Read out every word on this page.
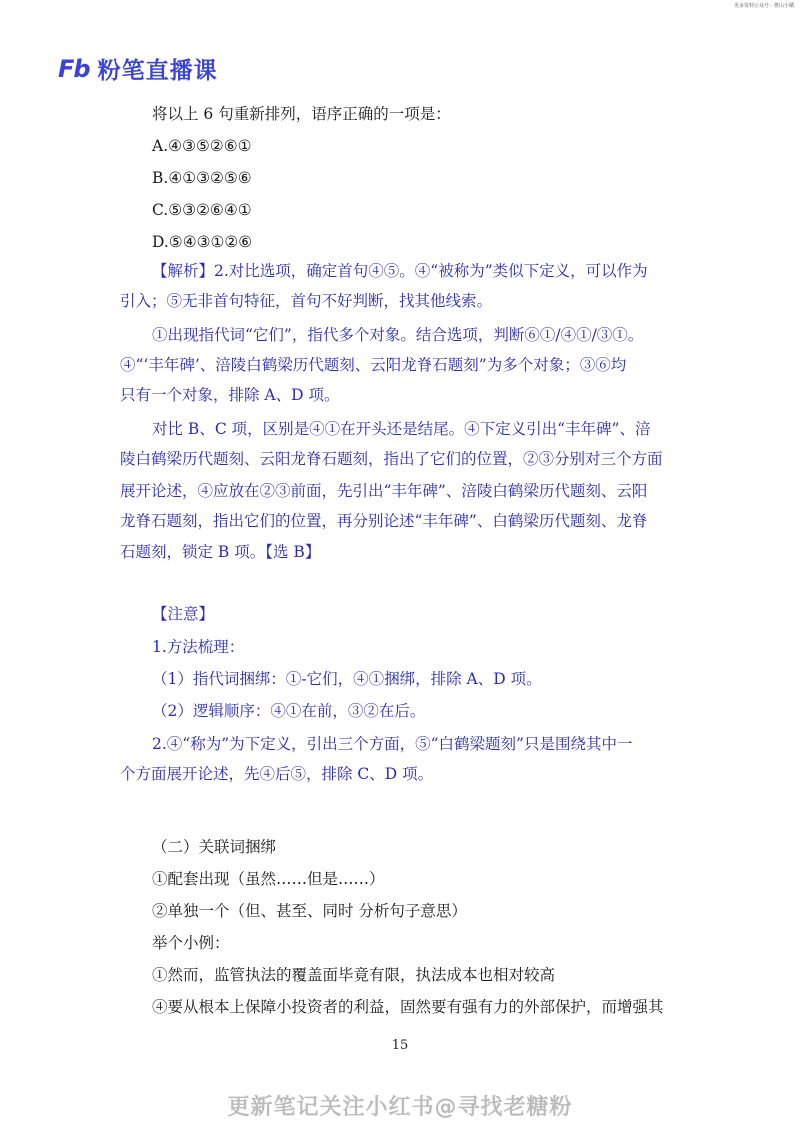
更多资料公众号：橙山小橘
Fb 粉笔直播课
将以上 6 句重新排列，语序正确的一项是：
A.④③⑤②⑥①
B.④①③②⑤⑥
C.⑤③②⑥④①
D.⑤④③①②⑥
【解析】2.对比选项，确定首句④⑤。④“被称为”类似下定义，可以作为
引入；⑤无非首句特征，首句不好判断，找其他线索。
①出现指代词“它们”，指代多个对象。结合选项，判断⑥①/④①/③①。
④“‘丰年碑’、涪陵白鹤梁历代题刻、云阳龙脊石题刻”为多个对象；③⑥均
只有一个对象，排除 A、D 项。
对比 B、C 项，区别是④①在开头还是结尾。④下定义引出“丰年碑”、涪
陵白鹤梁历代题刻、云阳龙脊石题刻，指出了它们的位置，②③分别对三个方面
展开论述，④应放在②③前面，先引出“丰年碑”、涪陵白鹤梁历代题刻、云阳
龙脊石题刻，指出它们的位置，再分别论述“丰年碑”、白鹤梁历代题刻、龙脊
石题刻，锁定 B 项。【选 B】
【注意】
1.方法梳理：
（1）指代词捆绑：①-它们，④①捆绑，排除 A、D 项。
（2）逻辑顺序：④①在前，③②在后。
2.④“称为”为下定义，引出三个方面，⑤“白鹤梁题刻”只是围绕其中一
个方面展开论述，先④后⑤，排除 C、D 项。
（二）关联词捆绑
①配套出现（虽然……但是……）
②单独一个（但、甚至、同时 分析句子意思）
举个小例：
①然而，监管执法的覆盖面毕竟有限，执法成本也相对较高
④要从根本上保障小投资者的利益，固然要有强有力的外部保护，而增强其
15
更新笔记关注小红书@寻找老糖粉
